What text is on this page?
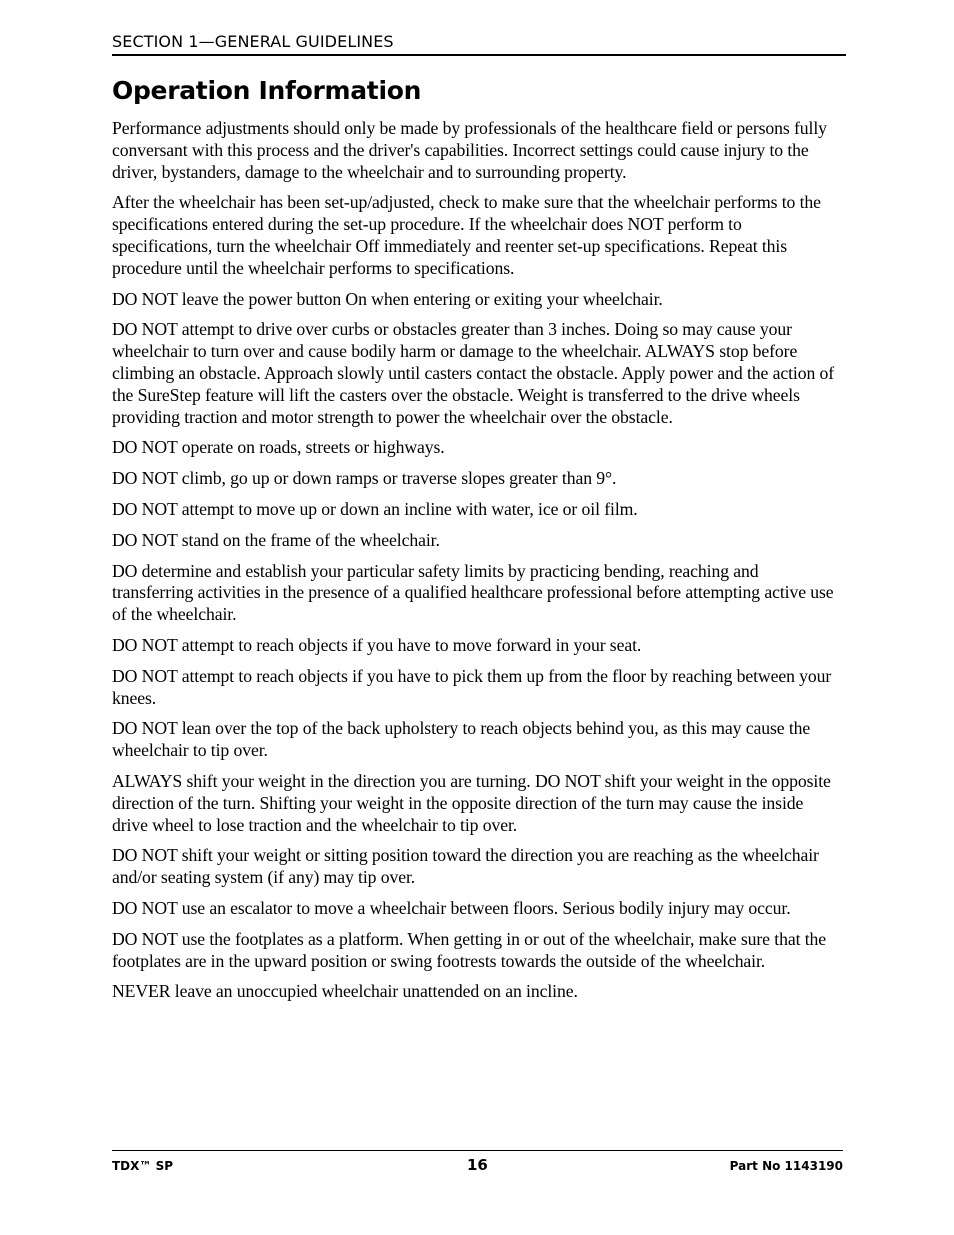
SECTION 1—GENERAL GUIDELINES
Operation Information

Performance adjustments should only be made by professionals of the healthcare field or persons fully conversant with this process and the driver's capabilities. Incorrect settings could cause injury to the driver, bystanders, damage to the wheelchair and to surrounding property.

After the wheelchair has been set-up/adjusted, check to make sure that the wheelchair performs to the specifications entered during the set-up procedure. If the wheelchair does NOT perform to specifications, turn the wheelchair Off immediately and reenter set-up specifications. Repeat this procedure until the wheelchair performs to specifications.

DO NOT leave the power button On when entering or exiting your wheelchair.

DO NOT attempt to drive over curbs or obstacles greater than 3 inches. Doing so may cause your wheelchair to turn over and cause bodily harm or damage to the wheelchair. ALWAYS stop before climbing an obstacle. Approach slowly until casters contact the obstacle. Apply power and the action of the SureStep feature will lift the casters over the obstacle. Weight is transferred to the drive wheels providing traction and motor strength to power the wheelchair over the obstacle.

DO NOT operate on roads, streets or highways.

DO NOT climb, go up or down ramps or traverse slopes greater than 9°.

DO NOT attempt to move up or down an incline with water, ice or oil film.

DO NOT stand on the frame of the wheelchair.

DO determine and establish your particular safety limits by practicing bending, reaching and transferring activities in the presence of a qualified healthcare professional before attempting active use of the wheelchair.

DO NOT attempt to reach objects if you have to move forward in your seat.

DO NOT attempt to reach objects if you have to pick them up from the floor by reaching between your knees.

DO NOT lean over the top of the back upholstery to reach objects behind you, as this may cause the wheelchair to tip over.

ALWAYS shift your weight in the direction you are turning. DO NOT shift your weight in the opposite direction of the turn. Shifting your weight in the opposite direction of the turn may cause the inside drive wheel to lose traction and the wheelchair to tip over.

DO NOT shift your weight or sitting position toward the direction you are reaching as the wheelchair and/or seating system (if any) may tip over.

DO NOT use an escalator to move a wheelchair between floors. Serious bodily injury may occur.

DO NOT use the footplates as a platform. When getting in or out of the wheelchair, make sure that the footplates are in the upward position or swing footrests towards the outside of the wheelchair.

NEVER leave an unoccupied wheelchair unattended on an incline.

TDX™ SP	16	Part No 1143190
